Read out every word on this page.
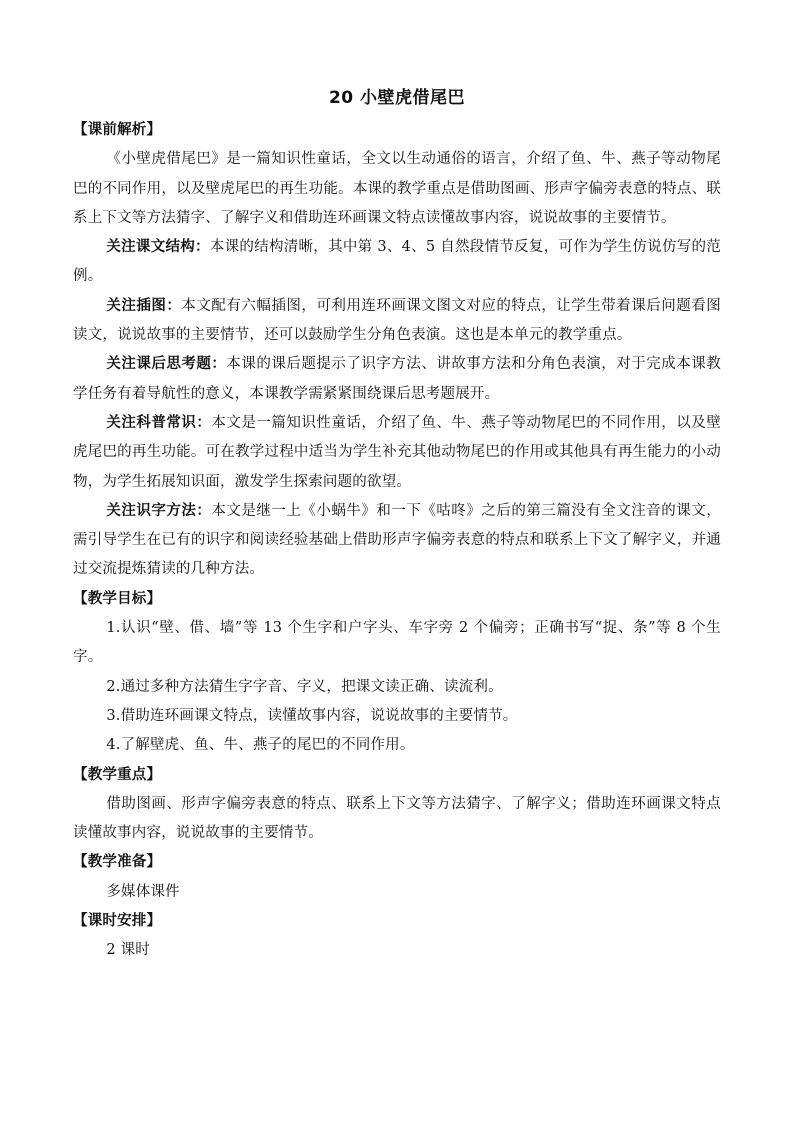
20 小壁虎借尾巴

【课前解析】

《小壁虎借尾巴》是一篇知识性童话，全文以生动通俗的语言，介绍了鱼、牛、燕子等动物尾巴的不同作用，以及壁虎尾巴的再生功能。本课的教学重点是借助图画、形声字偏旁表意的特点、联系上下文等方法猜字、了解字义和借助连环画课文特点读懂故事内容，说说故事的主要情节。

关注课文结构：本课的结构清晰，其中第 3、4、5 自然段情节反复，可作为学生仿说仿写的范例。

关注插图：本文配有六幅插图，可利用连环画课文图文对应的特点，让学生带着课后问题看图读文，说说故事的主要情节，还可以鼓励学生分角色表演。这也是本单元的教学重点。

关注课后思考题：本课的课后题提示了识字方法、讲故事方法和分角色表演，对于完成本课教学任务有着导航性的意义，本课教学需紧紧围绕课后思考题展开。

关注科普常识：本文是一篇知识性童话，介绍了鱼、牛、燕子等动物尾巴的不同作用，以及壁虎尾巴的再生功能。可在教学过程中适当为学生补充其他动物尾巴的作用或其他具有再生能力的小动物，为学生拓展知识面，激发学生探索问题的欲望。

关注识字方法：本文是继一上《小蜗牛》和一下《咕咚》之后的第三篇没有全文注音的课文，需引导学生在已有的识字和阅读经验基础上借助形声字偏旁表意的特点和联系上下文了解字义，并通过交流提炼猜读的几种方法。

【教学目标】

1.认识“壁、借、墙”等 13 个生字和户字头、车字旁 2 个偏旁；正确书写“捉、条”等 8 个生字。

2.通过多种方法猜生字字音、字义，把课文读正确、读流利。

3.借助连环画课文特点，读懂故事内容，说说故事的主要情节。

4.了解壁虎、鱼、牛、燕子的尾巴的不同作用。

【教学重点】

借助图画、形声字偏旁表意的特点、联系上下文等方法猜字、了解字义；借助连环画课文特点读懂故事内容，说说故事的主要情节。

【教学准备】

多媒体课件

【课时安排】

2 课时
